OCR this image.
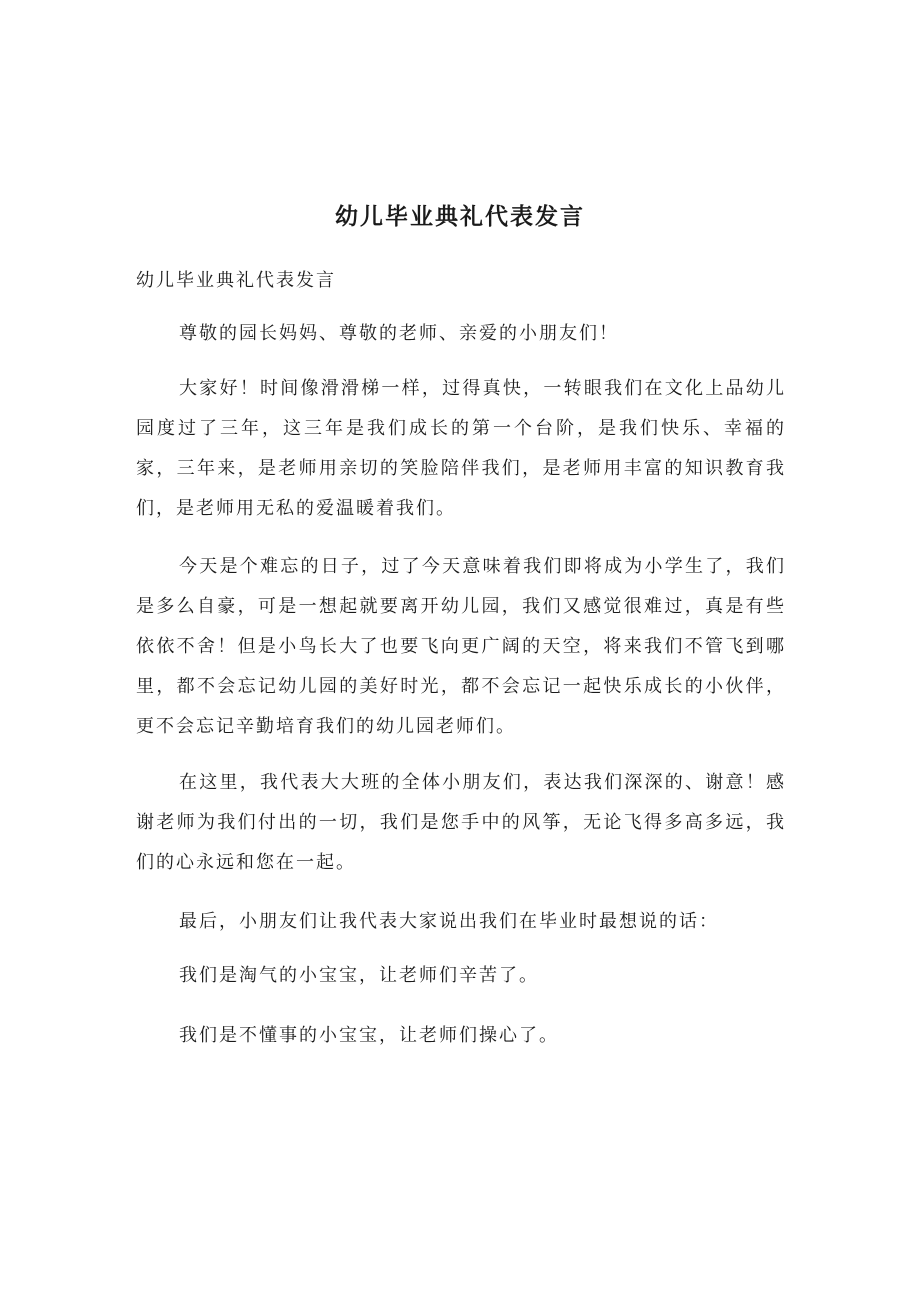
幼儿毕业典礼代表发言

幼儿毕业典礼代表发言

尊敬的园长妈妈、尊敬的老师、亲爱的小朋友们！

大家好！时间像滑滑梯一样，过得真快，一转眼我们在文化上品幼儿园度过了三年，这三年是我们成长的第一个台阶，是我们快乐、幸福的家，三年来，是老师用亲切的笑脸陪伴我们，是老师用丰富的知识教育我们，是老师用无私的爱温暖着我们。

今天是个难忘的日子，过了今天意味着我们即将成为小学生了，我们是多么自豪，可是一想起就要离开幼儿园，我们又感觉很难过，真是有些依依不舍！但是小鸟长大了也要飞向更广阔的天空，将来我们不管飞到哪里，都不会忘记幼儿园的美好时光，都不会忘记一起快乐成长的小伙伴，更不会忘记辛勤培育我们的幼儿园老师们。

在这里，我代表大大班的全体小朋友们，表达我们深深的、谢意！感谢老师为我们付出的一切，我们是您手中的风筝，无论飞得多高多远，我们的心永远和您在一起。

最后，小朋友们让我代表大家说出我们在毕业时最想说的话：

我们是淘气的小宝宝，让老师们辛苦了。

我们是不懂事的小宝宝，让老师们操心了。
